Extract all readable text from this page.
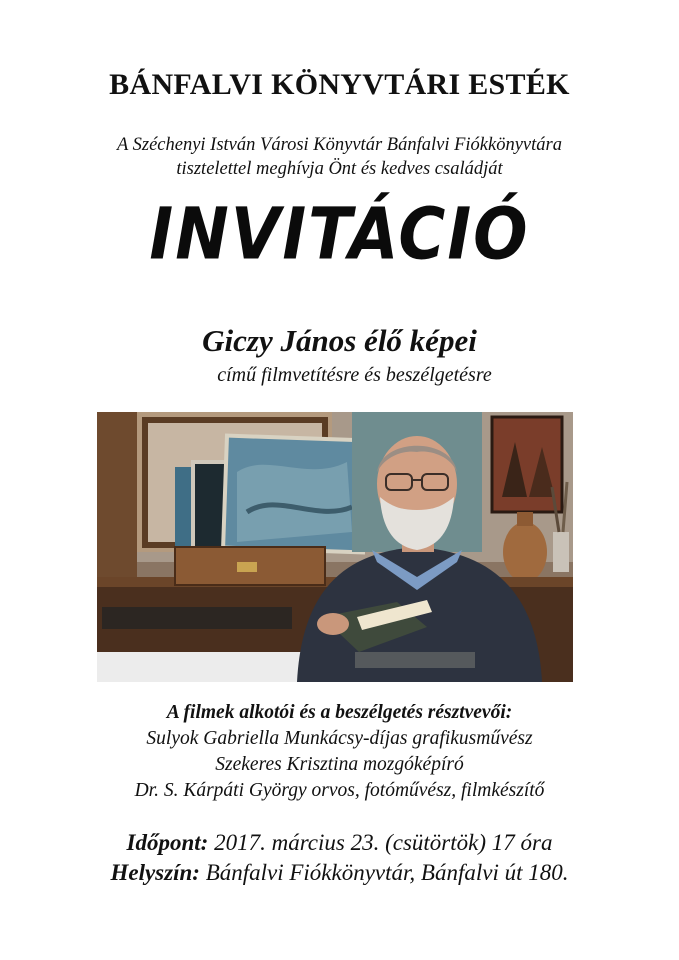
BÁNFALVI KÖNYVTÁRI ESTÉK
A Széchenyi István Városi Könyvtár Bánfalvi Fiókkönyvtára
tisztelettel meghívja Önt és kedves családját
INVITÁCIÓ
Giczy János élő képei
című filmvetítésre és beszélgetésre
A filmek alkotói és a beszélgetés résztvevői:
Sulyok Gabriella Munkácsy-díjas grafikusművész
Szekeres Krisztina mozgóképíró
Dr. S. Kárpáti György orvos, fotóművész, filmkészítő
Időpont: 2017. március 23. (csütörtök) 17 óra
Helyszín: Bánfalvi Fiókkönyvtár, Bánfalvi út 180.
